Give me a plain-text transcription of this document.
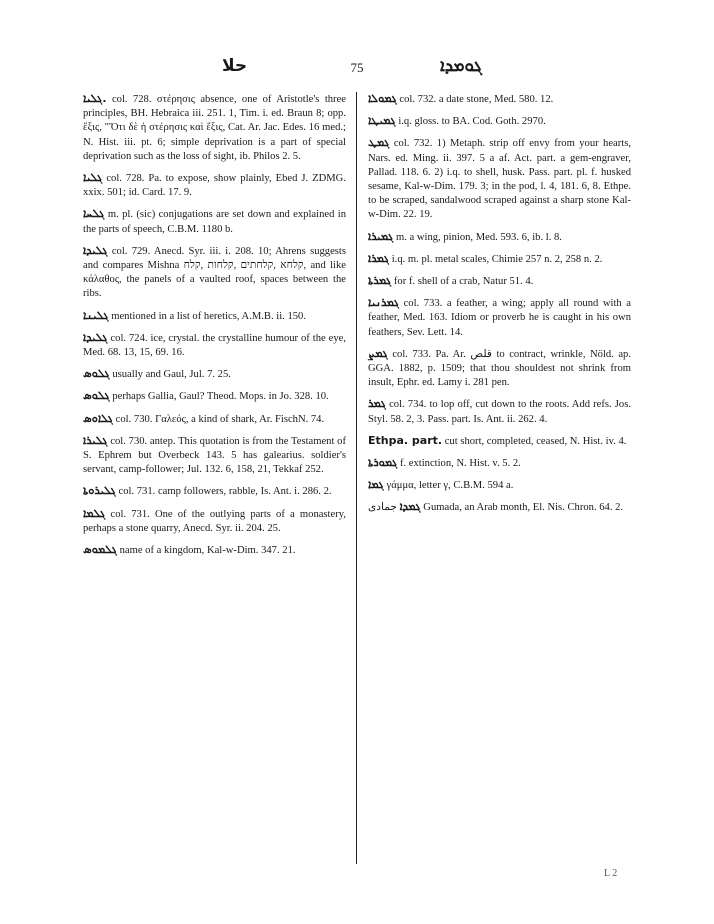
حلا	75	ܓܘܡܕܐ

ܓܠܝܐ. col. 728. στέρησις absence, one of Aristotle's three principles, BH. Hebraica iii. 251. 1, Tim. i. ed. Braun 8; opp. ἕξις, "Ὅτι δὲ ἡ στέρησις καὶ ἕξις, Cat. Ar. Jac. Edes. 16 med.; N. Hist. iii. pt. 6; simple deprivation is a part of special deprivation such as the loss of sight, ib. Philos 2. 5.

ܓܠܝܐ col. 728. Pa. to expose, show plainly, Ebed J. ZDMG. xxix. 501; id. Card. 17. 9.

ܓܠܚܐ m. pl. (sic) conjugations are set down and explained in the parts of speech, C.B.M. 1180 b.

ܓܠܝܕܐ col. 729. Anecd. Syr. iii. i. 208. 10; Ahrens suggests and compares Mishna קלחא ,קלחתים ,קלחות ,קלח, and like κάλαθος, the panels of a vaulted roof, spaces between the ribs.

ܓܠܝܢܐ mentioned in a list of heretics, A.M.B. ii. 150.

ܓܠܝܕܐ col. 724. ice, crystal. the crystalline humour of the eye, Med. 68. 13, 15, 69. 16.

ܓܠܘܣ usually and Gaul, Jul. 7. 25.

ܓܠܘܣ perhaps Gallia, Gaul? Theod. Mops. in Jo. 328. 10.

ܓܠܐܘܣ col. 730. Γαλεός, a kind of shark, Ar. FischN. 74.

ܓܠܝܪܐ col. 730. antep. This quotation is from the Testament of S. Ephrem but Overbeck 143. 5 has galearius. soldier's servant, camp-follower; Jul. 132. 6, 158, 21, Tekkaf 252.

ܓܠܝܪܘܬܐ col. 731. camp followers, rabble, Is. Ant. i. 286. 2.

ܓܠܡܐ col. 731. One of the outlying parts of a monastery, perhaps a stone quarry, Anecd. Syr. ii. 204. 25.

ܓܠܡܘܣ name of a kingdom, Kal-w-Dim. 347. 21.

ܓܡܘܠܐ col. 732. a date stone, Med. 580. 12.

ܓܡܝܛܐ i.q. gloss. to BA. Cod. Goth. 2970.

ܓܡܛ col. 732. 1) Metaph. strip off envy from your hearts, Nars. ed. Ming. ii. 397. 5 a af. Act. part. a gem-engraver, Pallad. 118. 6. 2) i.q. to shell, husk. Pass. part. pl. f. husked sesame, Kal-w-Dim. 179. 3; in the pod, l. 4, 181. 6, 8. Ethpe. to be scraped, sandalwood scraped against a sharp stone Kal-w-Dim. 22. 19.

ܓܡܝܪܐ m. a wing, pinion, Med. 593. 6, ib. l. 8.

ܓܡܪܐ i.q. m. pl. metal scales, Chimie 257 n. 2, 258 n. 2.

ܓܡܪܬܐ for f. shell of a crab, Natur 51. 4.

ܓܡܪܢܝܐ col. 733. a feather, a wing; apply all round with a feather, Med. 163. Idiom or proverb he is caught in his own feathers, Sev. Lett. 14.

ܓܡܨ col. 733. Pa. Ar. قلص to contract, wrinkle, Nöld. ap. GGA. 1882, p. 1509; that thou shouldest not shrink from insult, Ephr. ed. Lamy i. 281 pen.

ܓܡܪ col. 734. to lop off, cut down to the roots. Add refs. Jos. Styl. 58. 2, 3. Pass. part. Is. Ant. ii. 262. 4.

Ethpa. part. cut short, completed, ceased, N. Hist. iv. 4.

ܓܡܘܪܬܐ f. extinction, N. Hist. v. 5. 2.

ܓܡܐ γάμμα, letter γ, C.B.M. 594 a.

ܓܡܕܐ جمادى Gumada, an Arab month, El. Nis. Chron. 64. 2.

L 2
